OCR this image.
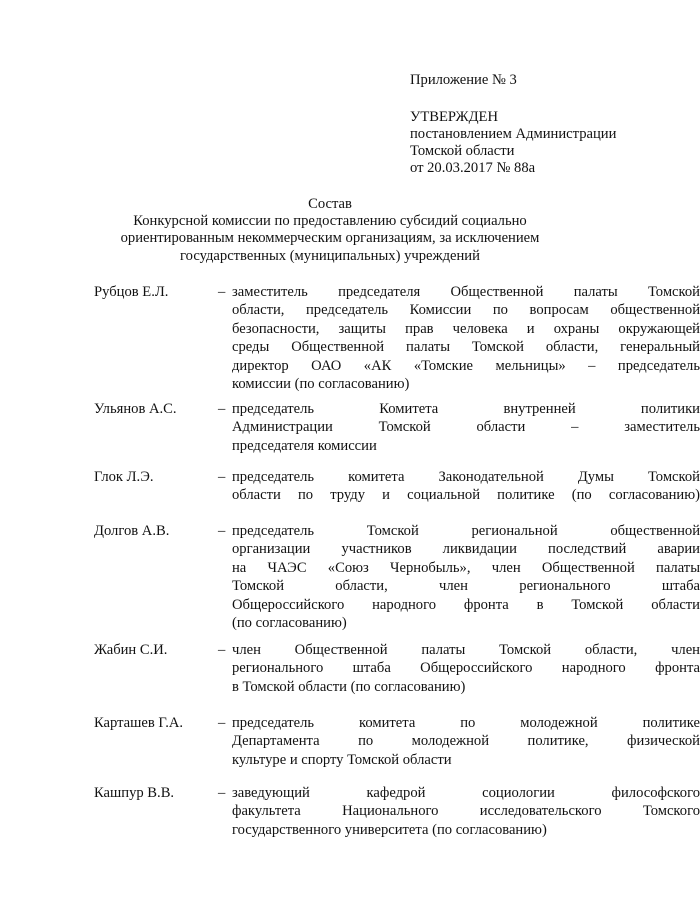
Приложение № 3
УТВЕРЖДЕН
постановлением Администрации
Томской области
от 20.03.2017 № 88а
Состав
Конкурсной комиссии по предоставлению субсидий социально
ориентированным некоммерческим организациям, за исключением
государственных (муниципальных) учреждений
Рубцов Е.Л.	– заместитель председателя Общественной палаты Томской
области, председатель Комиссии по вопросам общественной
безопасности, защиты прав человека и охраны окружающей
среды Общественной палаты Томской области, генеральный
директор ОАО «АК «Томские мельницы» – председатель
комиссии (по согласованию)
Ульянов А.С.	– председатель Комитета внутренней политики
Администрации Томской области – заместитель
председателя комиссии
Глок Л.Э.	– председатель комитета Законодательной Думы Томской
области по труду и социальной политике (по согласованию)
Долгов А.В.	– председатель Томской региональной общественной
организации участников ликвидации последствий аварии
на ЧАЭС «Союз Чернобыль», член Общественной палаты
Томской области, член регионального штаба
Общероссийского народного фронта в Томской области
(по согласованию)
Жабин С.И.	– член Общественной палаты Томской области, член
регионального штаба Общероссийского народного фронта
в Томской области (по согласованию)
Карташев Г.А. – председатель комитета по молодежной политике
Департамента по молодежной политике, физической
культуре и спорту Томской области
Кашпур В.В.	– заведующий кафедрой социологии философского
факультета Национального исследовательского Томского
государственного университета (по согласованию)
